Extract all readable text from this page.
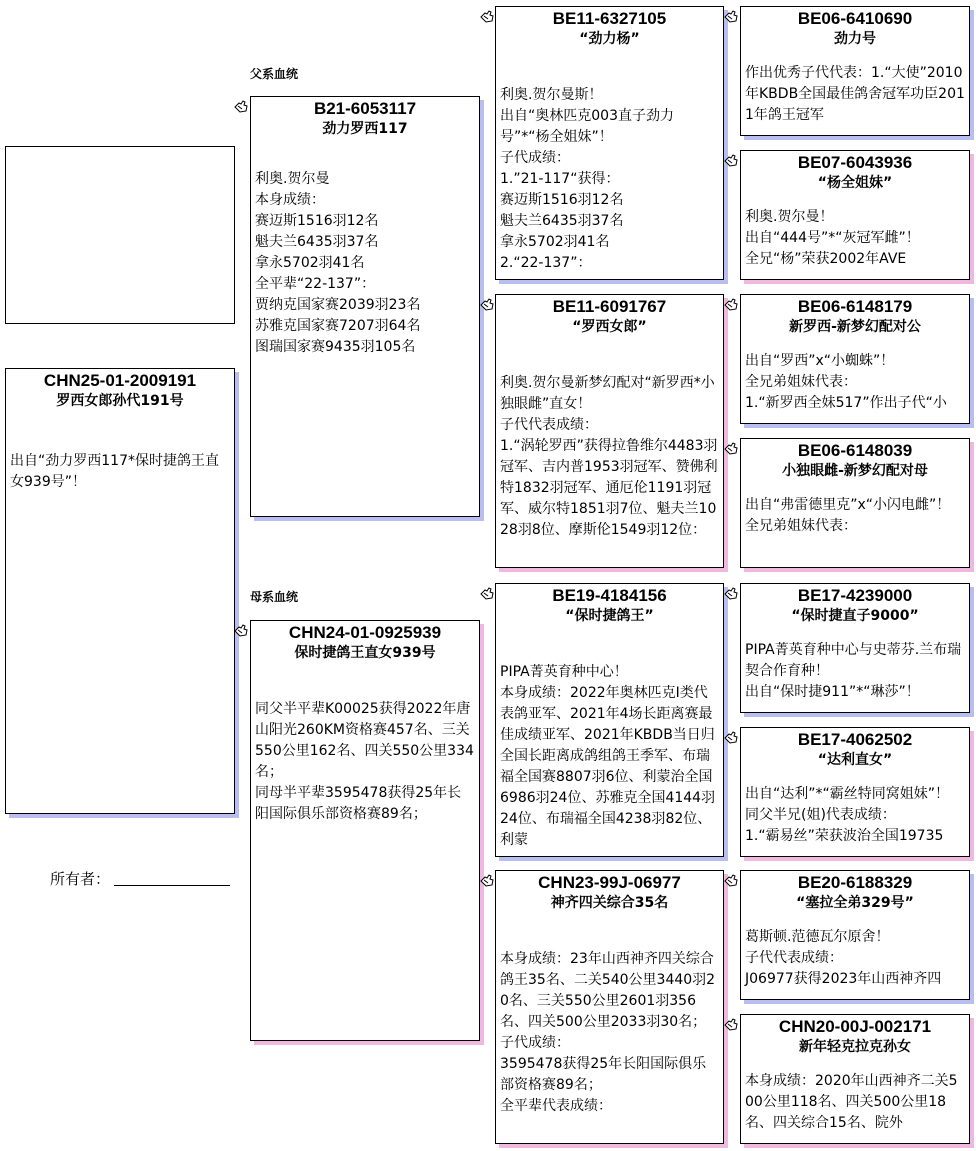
父系血统
母系血统
CHN25-01-2009191
罗西女郎孙代191号
出自“劲力罗西117*保时捷鸽王直女939号”！
所有者：
B21-6053117
劲力罗西117
利奥.贺尔曼
本身成绩：
赛迈斯1516羽12名
魁夫兰6435羽37名
拿永5702羽41名
全平辈“22-137”：
贾纳克国家赛2039羽23名
苏雅克国家赛7207羽64名
图瑞国家赛9435羽105名
CHN24-01-0925939
保时捷鸽王直女939号
同父半平辈K00025获得2022年唐山阳光260KM资格赛457名、三关550公里162名、四关550公里334名；
同母半平辈3595478获得25年长阳国际俱乐部资格赛89名；
BE11-6327105
“劲力杨”
利奥.贺尔曼斯！
出自“奥林匹克003直子劲力号”*“杨全姐妹”！
子代成绩：
1.”21-117“获得：
赛迈斯1516羽12名
魁夫兰6435羽37名
拿永5702羽41名
2.“22-137”：
BE11-6091767
“罗西女郎”
利奥.贺尔曼新梦幻配对“新罗西*小独眼雌”直女！
子代代表成绩：
1.“涡轮罗西”获得拉鲁维尔4483羽冠军、吉内普1953羽冠军、赞佛利特1832羽冠军、通厄伦1191羽冠军、威尔特1851羽7位、魁夫兰1028羽8位、摩斯伦1549羽12位：
BE19-4184156
“保时捷鸽王”
PIPA菁英育种中心！
本身成绩：2022年奥林匹克I类代表鸽亚军、2021年4场长距离赛最佳成绩亚军、2021年KBDB当日归全国长距离成鸽组鸽王季军、布瑞福全国赛8807羽6位、利蒙治全国6986羽24位、苏雅克全国4144羽24位、布瑞福全国4238羽82位、利蒙
CHN23-99J-06977
神齐四关综合35名
本身成绩：23年山西神齐四关综合鸽王35名、二关540公里3440羽20名、三关550公里2601羽356名、四关500公里2033羽30名；
子代成绩：
3595478获得25年长阳国际俱乐部资格赛89名；
全平辈代表成绩：
BE06-6410690
劲力号
作出优秀子代代表：1.“大使”2010年KBDB全国最佳鸽舍冠军功臣2011年鸽王冠军
BE07-6043936
“杨全姐妹”
利奥.贺尔曼！
出自“444号”*“灰冠军雌”！
全兄“杨”荣获2002年AVE
BE06-6148179
新罗西-新梦幻配对公
出自“罗西”x“小蜘蛛”！
全兄弟姐妹代表：
1.“新罗西全妹517”作出子代“小
BE06-6148039
小独眼雌-新梦幻配对母
出自“弗雷德里克”x“小闪电雌”！
全兄弟姐妹代表：
BE17-4239000
“保时捷直子9000”
PIPA菁英育种中心与史蒂芬.兰布瑞契合作育种！
出自“保时捷911”*“琳莎”！
BE17-4062502
“达利直女”
出自“达利”*“霸丝特同窝姐妹”！
同父半兄(姐)代表成绩：
1.“霸易丝”荣获波治全国19735
BE20-6188329
“塞拉全弟329号”
葛斯顿.范德瓦尔原舍！
子代代表成绩：
J06977获得2023年山西神齐四
CHN20-00J-002171
新年轻克拉克孙女
本身成绩：2020年山西神齐二关500公里118名、四关500公里18名、四关综合15名、院外
